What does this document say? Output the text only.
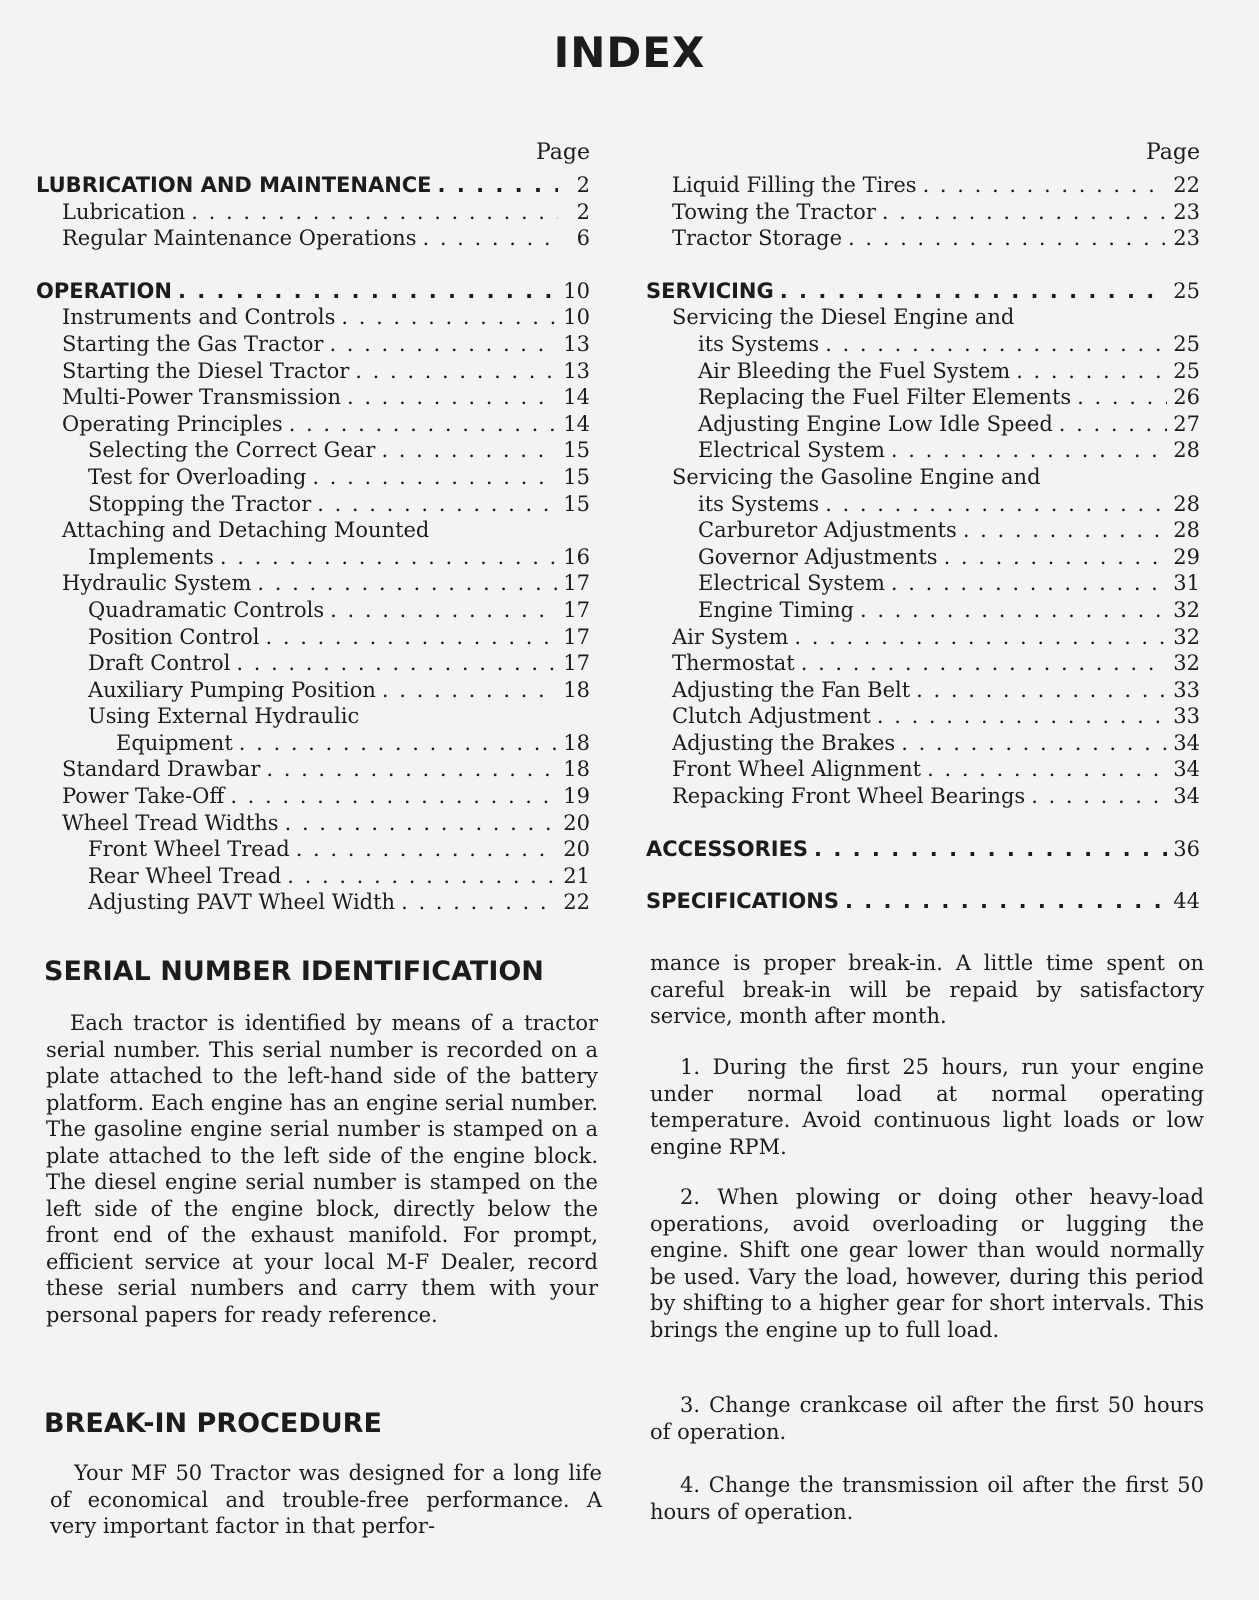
INDEX
Page
LUBRICATION AND MAINTENANCE . . .	2
Lubrication . . .	2
Regular Maintenance Operations . . .	6
OPERATION . . .	10
Instruments and Controls . . .	10
Starting the Gas Tractor . . .	13
Starting the Diesel Tractor . . .	13
Multi-Power Transmission . . .	14
Operating Principles . . .	14
Selecting the Correct Gear . . .	15
Test for Overloading . . .	15
Stopping the Tractor . . .	15
Attaching and Detaching Mounted
Implements . . .	16
Hydraulic System . . .	17
Quadramatic Controls . . .	17
Position Control . . .	17
Draft Control . . .	17
Auxiliary Pumping Position . . .	18
Using External Hydraulic
Equipment . . .	18
Standard Drawbar . . .	18
Power Take-Off . . .	19
Wheel Tread Widths . . .	20
Front Wheel Tread . . .	20
Rear Wheel Tread . . .	21
Adjusting PAVT Wheel Width . . .	22
Page
Liquid Filling the Tires . . .	22
Towing the Tractor . . .	23
Tractor Storage . . .	23
SERVICING . . .	25
Servicing the Diesel Engine and
its Systems . . .	25
Air Bleeding the Fuel System . . .	25
Replacing the Fuel Filter Elements . . .	26
Adjusting Engine Low Idle Speed . . .	27
Electrical System . . .	28
Servicing the Gasoline Engine and
its Systems . . .	28
Carburetor Adjustments . . .	28
Governor Adjustments . . .	29
Electrical System . . .	31
Engine Timing . . .	32
Air System . . .	32
Thermostat . . .	32
Adjusting the Fan Belt . . .	33
Clutch Adjustment . . .	33
Adjusting the Brakes . . .	34
Front Wheel Alignment . . .	34
Repacking Front Wheel Bearings . . .	34
ACCESSORIES . . .	36
SPECIFICATIONS . . .	44
SERIAL NUMBER IDENTIFICATION

Each tractor is identified by means of a tractor serial number. This serial number is recorded on a plate attached to the left-hand side of the battery platform. Each engine has an engine serial number. The gasoline engine serial number is stamped on a plate attached to the left side of the engine block. The diesel engine serial number is stamped on the left side of the engine block, directly below the front end of the exhaust manifold. For prompt, efficient service at your local M-F Dealer, record these serial numbers and carry them with your personal papers for ready reference.

BREAK-IN PROCEDURE

Your MF 50 Tractor was designed for a long life of economical and trouble-free performance. A very important factor in that perfor-

mance is proper break-in. A little time spent on careful break-in will be repaid by satisfactory service, month after month.

1. During the first 25 hours, run your engine under normal load at normal operating temperature. Avoid continuous light loads or low engine RPM.

2. When plowing or doing other heavy-load operations, avoid overloading or lugging the engine. Shift one gear lower than would normally be used. Vary the load, however, during this period by shifting to a higher gear for short intervals. This brings the engine up to full load.

3. Change crankcase oil after the first 50 hours of operation.

4. Change the transmission oil after the first 50 hours of operation.
